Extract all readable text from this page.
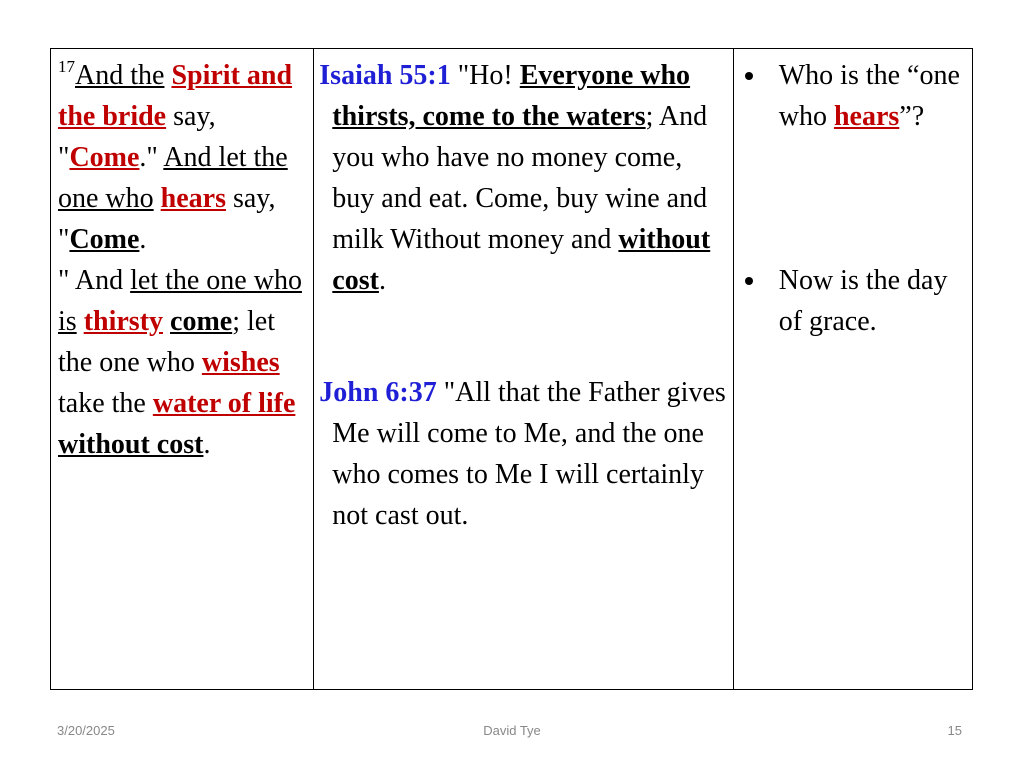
$^{17}$And the Spirit and the bride say, "Come." And let the one who hears say, "Come.
" And let the one who is thirsty come; let the one who wishes take the water of life without cost.	

Isaiah 55:1 "Ho! Everyone who thirsts, come to the waters; And you who have no money come, buy and eat. Come, buy wine and milk Without money and without cost.

John 6:37 "All that the Father gives Me will come to Me, and the one who comes to Me I will certainly not cast out.

Who is the “one who hears”?
Now is the day of grace.
3/20/2025	David Tye	15
